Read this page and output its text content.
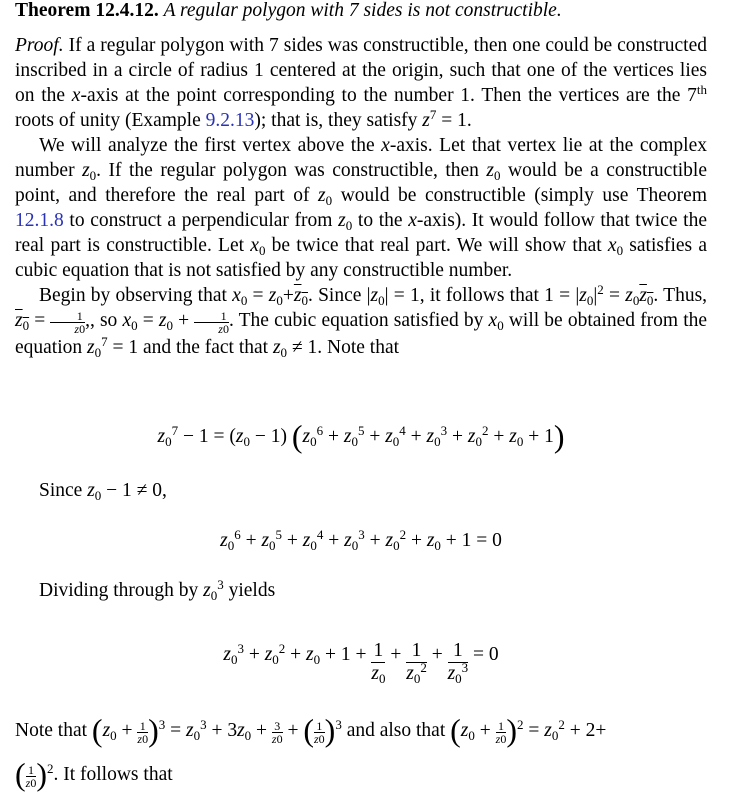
Theorem 12.4.12. A regular polygon with 7 sides is not constructible.

Proof. If a regular polygon with 7 sides was constructible, then one could be constructed inscribed in a circle of radius 1 centered at the origin, such that one of the vertices lies on the x-axis at the point corresponding to the number 1. Then the vertices are the 7th roots of unity (Example 9.2.13); that is, they satisfy $z^7 = 1$.

We will analyze the first vertex above the x-axis. Let that vertex lie at the complex number $z_0$. If the regular polygon was constructible, then $z_0$ would be a constructible point, and therefore the real part of $z_0$ would be constructible (simply use Theorem 12.1.8 to construct a perpendicular from $z_0$ to the x-axis). It would follow that twice the real part is constructible. Let $x_0$ be twice that real part. We will show that $x_0$ satisfies a cubic equation that is not satisfied by any constructible number.

Begin by observing that $x_0 = z_0+z_0$. Since $|z_0| = 1$, it follows that $1 = |z_0|^2 = z_0z_0$. Thus, $z_0 = \frac{1}{z0}$ ,, so $x_0 = z_0 + \frac{1}{z0}$ . The cubic equation satisfied by $x_0$ will be obtained from the equation $z_0^7 = 1$ and the fact that $z_0 \ne 1$. Note that

$z_0^7 - 1 = (z_0 - 1) (z_0^6 + z_0^5 + z_0^4 + z_0^3 + z_0^2 + z_0 + 1)$
Since $z_0 - 1 \ne 0$,
$z_0^6 + z_0^5 + z_0^4 + z_0^3 + z_0^2 + z_0 + 1 = 0$
Dividing through by $z_0^3$ yields
$z_0^3 + z_0^2 + z_0 + 1 + \frac{1}{z_0} + \frac{1}{z_0^2} + \frac{1}{z_0^3} = 0$
Note that $(z_0 + \frac{1}{z0} )^3 = z_0^3 + 3z_0 + \frac{3}{z0}$ + ( $\frac{1}{z0} )^3$ and also that $(z_0 + \frac{1}{z0} )^2 = z_0^2 + 2+$
( $\frac{1}{z0} )^2$. It follows that
